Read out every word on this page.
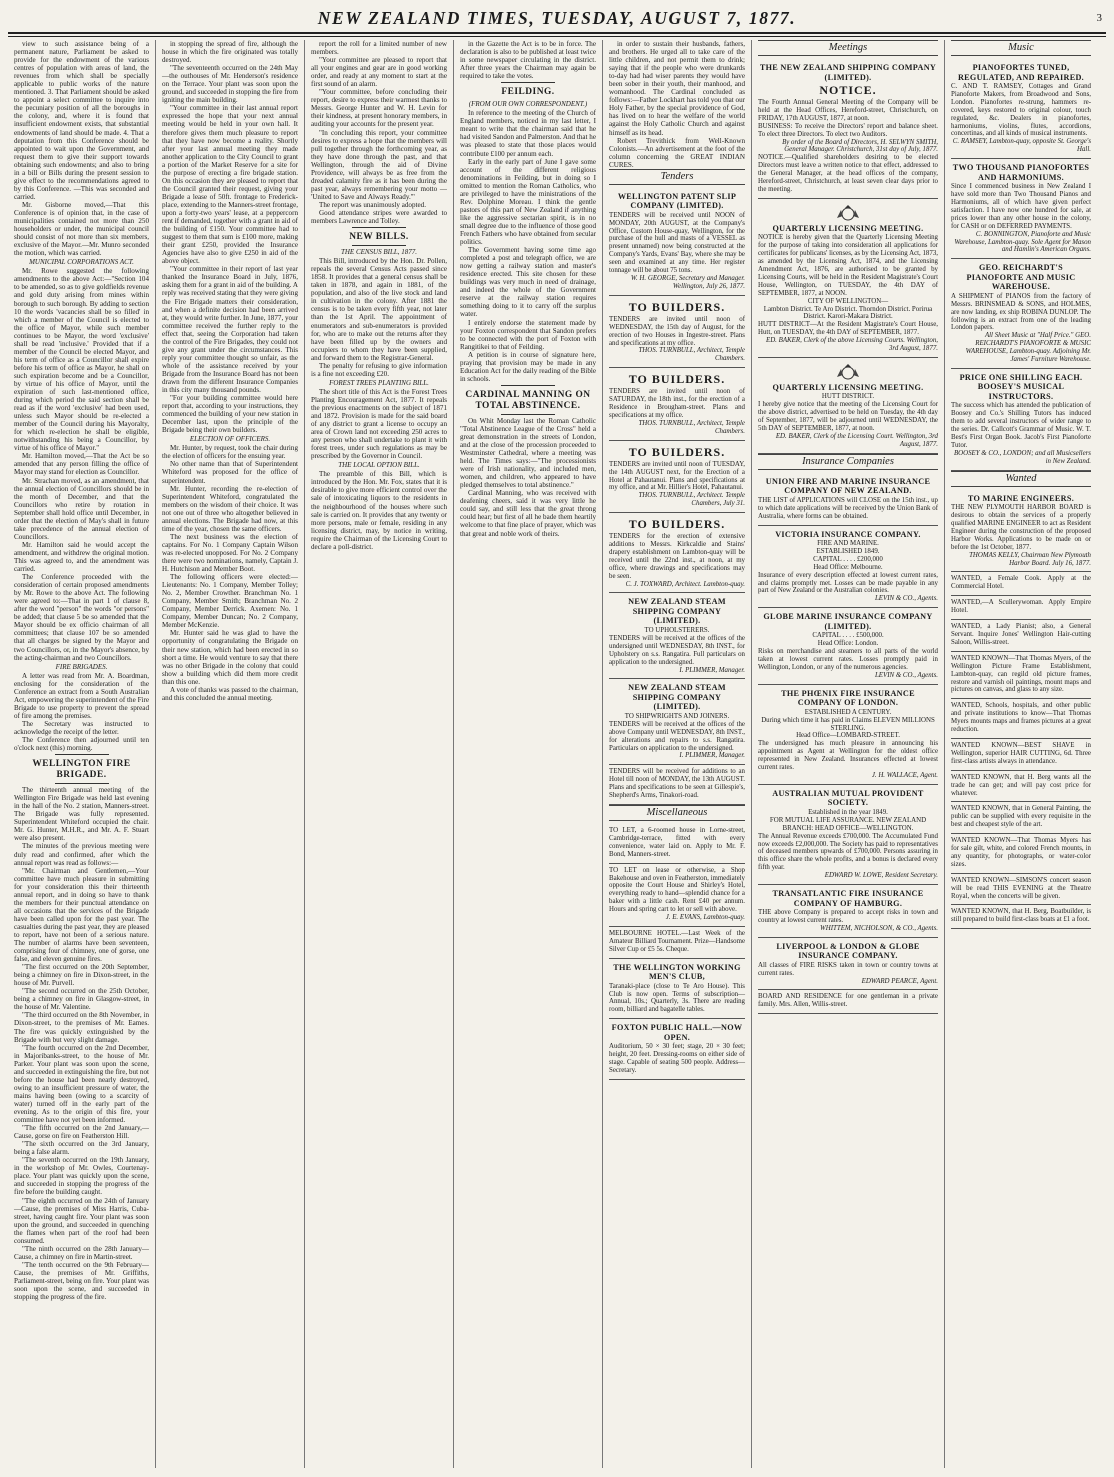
NEW ZEALAND TIMES, TUESDAY, AUGUST 7, 1877.	3

view to such assistance being of a permanent nature, Parliament be asked to provide for the endowment of the various centres of population with areas of land, the revenues from which shall be specially applicable to public works of the nature mentioned. 3. That Parliament should be asked to appoint a select committee to inquire into the pecuniary position of all the boroughs in the colony, and, where it is found that insufficient endowment exists, that substantial endowments of land should be made. 4. That a deputation from this Conference should be appointed to wait upon the Government, and request them to give their support towards obtaining such endowments; and also to bring in a bill or Bills during the present session to give effect to the recommendations agreed to by this Conference. —This was seconded and carried.

Mr. Gisborne moved,—That this Conference is of opinion that, in the case of municipalities contained not more than 250 householders or under, the municipal council should consist of not more than six members, exclusive of the Mayor.—Mr. Munro seconded the motion, which was carried.

MUNICIPAL CORPORATIONS ACT.

Mr. Rowe suggested the following amendments to the above Act:—"Section 104 to be amended, so as to give goldfields revenue and gold duty arising from mines within borough to such borough. By adding to section 10 the words 'vacancies shall be so filled' in which a member of the Council is elected to the office of Mayor, while such member continues to be Mayor, the word 'exclusive' shall be read 'inclusive.' Provided that if a member of the Council be elected Mayor, and his term of office as a Councillor shall expire before his term of office as Mayor, he shall on such expiration become and be a Councillor, by virtue of his office of Mayor, until the expiration of such last-mentioned office, during which period the said section shall be read as if the word 'exclusive' had been used, unless such Mayor should be re-elected a member of the Council during his Mayoralty, for which re-election he shall be eligible, notwithstanding his being a Councillor, by virtue of his office of Mayor."

Mr. Hamilton moved,—That the Act be so amended that any person filling the office of Mayor may stand for election as Councillor.

Mr. Strachan moved, as an amendment, that the annual election of Councillors should be in the month of December, and that the Councillors who retire by rotation in September shall hold office until December, in order that the election of May's shall in future take precedence of the annual election of Councillors.

Mr. Hamilton said he would accept the amendment, and withdrew the original motion. This was agreed to, and the amendment was carried.

The Conference proceeded with the consideration of certain proposed amendments by Mr. Rowe to the above Act. The following were agreed to:—That in part 1 of clause 8, after the word "person" the words "or persons" be added; that clause 5 be so amended that the Mayor should be ex officio chairman of all committees; that clause 107 be so amended that all charges be signed by the Mayor and two Councillors, or, in the Mayor's absence, by the acting-chairman and two Councillors.

FIRE BRIGADES.

A letter was read from Mr. A. Boardman, enclosing for the consideration of the Conference an extract from a South Australian Act, empowering the superintendent of the Fire Brigade to use property to prevent the spread of fire among the premises.

The Secretary was instructed to acknowledge the receipt of the letter.

The Conference then adjourned until ten o'clock next (this) morning.

WELLINGTON FIRE BRIGADE.

The thirteenth annual meeting of the Wellington Fire Brigade was held last evening in the hall of the No. 2 station, Manners-street. The Brigade was fully represented. Superintendent Whiteford occupied the chair. Mr. G. Hunter, M.H.R., and Mr. A. F. Stuart were also present.

The minutes of the previous meeting were duly read and confirmed, after which the annual report was read as follows:—

"Mr. Chairman and Gentlemen,—Your committee have much pleasure in submitting for your consideration this their thirteenth annual report, and in doing so have to thank the members for their punctual attendance on all occasions that the services of the Brigade have been called upon for the past year. The casualties during the past year, they are pleased to report, have not been of a serious nature. The number of alarms have been seventeen, comprising four of chimney, one of gorse, one false, and eleven genuine fires.

"The first occurred on the 20th September, being a chimney on fire in Dixon-street, in the house of Mr. Purvell.

"The second occurred on the 25th October, being a chimney on fire in Glasgow-street, in the house of Mr. Valentine.

"The third occurred on the 8th November, in Dixon-street, to the premises of Mr. Eames. The fire was quickly extinguished by the Brigade with but very slight damage.

"The fourth occurred on the 2nd December, in Majoribanks-street, to the house of Mr. Parker. Your plant was soon upon the scene, and succeeded in extinguishing the fire, but not before the house had been nearly destroyed, owing to an insufficient pressure of water, the mains having been (owing to a scarcity of water) turned off in the early part of the evening. As to the origin of this fire, your committee have not yet been informed.

"The fifth occurred on the 2nd January,—Cause, gorse on fire on Featherston Hill.

"The sixth occurred on the 3rd January, being a false alarm.

"The seventh occurred on the 19th January, in the workshop of Mr. Owles, Courtenay-place. Your plant was quickly upon the scene, and succeeded in stopping the progress of the fire before the building caught.

"The eighth occurred on the 24th of January—Cause, the premises of Miss Harris, Cuba-street, having caught fire. Your plant was soon upon the ground, and succeeded in quenching the flames when part of the roof had been consumed.

"The ninth occurred on the 28th January—Cause, a chimney on fire in Martin-street.

"The tenth occurred on the 9th February—Cause, the premises of Mr. Griffiths, Parliament-street, being on fire. Your plant was soon upon the scene, and succeeded in stopping the progress of the fire.

in stopping the spread of fire, although the house in which the fire originated was totally destroyed.

"The seventeenth occurred on the 24th May—the outhouses of Mr. Henderson's residence on the Terrace. Your plant was soon upon the ground, and succeeded in stopping the fire from igniting the main building.

"Your committee in their last annual report expressed the hope that your next annual meeting would be held in your own hall. It therefore gives them much pleasure to report that they have now become a reality. Shortly after your last annual meeting they made another application to the City Council to grant a portion of the Market Reserve for a site for the purpose of erecting a fire brigade station. On this occasion they are pleased to report that the Council granted their request, giving your Brigade a lease of 50ft. frontage to Frederick-place, extending to the Manners-street frontage, upon a forty-two years' lease, at a peppercorn rent if demanded, together with a grant in aid of the building of £150. Your committee had to suggest to them that sum is £100 more, making their grant £250, provided the Insurance Agencies have also to give £250 in aid of the above object.

"Your committee in their report of last year thanked the Insurance Board in July, 1876, asking them for a grant in aid of the building. A reply was received stating that they were giving the Fire Brigade matters their consideration, and when a definite decision had been arrived at, they would write further. In June, 1877, your committee received the further reply to the effect that, seeing the Corporation had taken the control of the Fire Brigades, they could not give any grant under the circumstances. This reply your committee thought so unfair, as the whole of the assistance received by your Brigade from the Insurance Board has not been drawn from the different Insurance Companies in this city many thousand pounds.

"For your building committee would here report that, according to your instructions, they commenced the building of your new station in December last, upon the principle of the Brigade being their own builders.

ELECTION OF OFFICERS.

Mr. Hunter, by request, took the chair during the election of officers for the ensuing year.

No other name than that of Superintendent Whiteford was proposed for the office of superintendent.

Mr. Hunter, recording the re-election of Superintendent Whiteford, congratulated the members on the wisdom of their choice. It was not one out of three who altogether believed in annual elections. The Brigade had now, at this time of the year, chosen the same officers.

The next business was the election of captains. For No. 1 Company Captain Wilson was re-elected unopposed. For No. 2 Company there were two nominations, namely, Captain J. H. Hutchison and Member Boot.

The following officers were elected:—Lieutenants: No. 1 Company, Member Tolley; No. 2, Member Crowther. Branchman No. 1 Company, Member Smith; Branchman No. 2 Company, Member Derrick. Axemen: No. 1 Company, Member Duncan; No. 2 Company, Member McKenzie.

Mr. Hunter said he was glad to have the opportunity of congratulating the Brigade on their new station, which had been erected in so short a time. He would venture to say that there was no other Brigade in the colony that could show a building which did them more credit than this one.

A vote of thanks was passed to the chairman, and this concluded the annual meeting.

report the roll for a limited number of new members.

"Your committee are pleased to report that all your engines and gear are in good working order, and ready at any moment to start at the first sound of an alarm.

"Your committee, before concluding their report, desire to express their warmest thanks to Messrs. George Hunter and W. H. Levin for their kindness, at present honorary members, in auditing your accounts for the present year.

"In concluding this report, your committee desires to express a hope that the members will pull together through the forthcoming year, as they have done through the past, and that Wellington, through the aid of Divine Providence, will always be as free from the dreaded calamity fire as it has been during the past year, always remembering your motto — 'United to Save and Always Ready.'"

The report was unanimously adopted.

Good attendance stripes were awarded to members Lawrence and Tolley.

NEW BILLS.
THE CENSUS BILL, 1877.

This Bill, introduced by the Hon. Dr. Pollen, repeals the several Census Acts passed since 1858. It provides that a general census shall be taken in 1878, and again in 1881, of the population, and also of the live stock and land in cultivation in the colony. After 1881 the census is to be taken every fifth year, not later than the 1st April. The appointment of enumerators and sub-enumerators is provided for, who are to make out the returns after they have been filled up by the owners and occupiers to whom they have been supplied, and forward them to the Registrar-General.

The penalty for refusing to give information is a fine not exceeding £20.

FOREST TREES PLANTING BILL.

The short title of this Act is the Forest Trees Planting Encouragement Act, 1877. It repeals the previous enactments on the subject of 1871 and 1872. Provision is made for the said board of any district to grant a license to occupy an area of Crown land not exceeding 250 acres to any person who shall undertake to plant it with forest trees, under such regulations as may be prescribed by the Governor in Council.

THE LOCAL OPTION BILL.

The preamble of this Bill, which is introduced by the Hon. Mr. Fox, states that it is desirable to give more efficient control over the sale of intoxicating liquors to the residents in the neighbourhood of the houses where such sale is carried on. It provides that any twenty or more persons, male or female, residing in any licensing district, may, by notice in writing, require the Chairman of the Licensing Court to declare a poll-district.

in the Gazette the Act is to be in force. The declaration is also to be published at least twice in some newspaper circulating in the district. After three years the Chairman may again be required to take the votes.

FEILDING.
(FROM OUR OWN CORRESPONDENT.)

In reference to the meeting of the Church of England members, noticed in my last letter, I meant to write that the chairman said that he had visited Sandon and Palmerston. And that he was pleased to state that those places would contribute £100 per annum each.

Early in the early part of June I gave some account of the different religious denominations in Feilding, but in doing so I omitted to mention the Roman Catholics, who are privileged to have the ministrations of the Rev. Dolphine Moreau. I think the gentle pastors of this part of New Zealand if anything like the aggressive sectarian spirit, is in no small degree due to the influence of those good French Fathers who have obtained from secular politics.

The Government having some time ago completed a post and telegraph office, we are now getting a railway station and master's residence erected. This site chosen for these buildings was very much in need of drainage, and indeed the whole of the Government reserve at the railway station requires something doing to it to carry off the surplus water.

I entirely endorse the statement made by your Foxton correspondent that Sandon prefers to be connected with the port of Foxton with Rangitikei to that of Feilding.

A petition is in course of signature here, praying that provision may be made in any Education Act for the daily reading of the Bible in schools.

CARDINAL MANNING ON TOTAL ABSTINENCE.

On Whit Monday last the Roman Catholic "Total Abstinence League of the Cross" held a great demonstration in the streets of London, and at the close of the procession proceeded to Westminster Cathedral, where a meeting was held. The Times says:—"The processionists were of Irish nationality, and included men, women, and children, who appeared to have pledged themselves to total abstinence."

Cardinal Manning, who was received with deafening cheers, said it was very little he could say, and still less that the great throng could hear; but first of all he bade them heartily welcome to that fine place of prayer, which was that great and noble work of theirs.

in order to sustain their husbands, fathers, and brothers. He urged all to take care of the little children, and not permit them to drink; saying that if the people who were drunkards to-day had had wiser parents they would have been sober in their youth, their manhood, and womanhood. The Cardinal concluded as follows:—Father Lockhart has told you that our Holy Father, by the special providence of God, has lived on to hear the welfare of the world against the Holy Catholic Church and against himself as its head.

Robert Trevithick from Well-Known Colonists.—An advertisement at the foot of the column concerning the GREAT INDIAN CURES.

Tenders
WELLINGTON PATENT SLIP COMPANY (LIMITED).

TENDERS will be received until NOON of MONDAY, 20th AUGUST, at the Company's Office, Custom House-quay, Wellington, for the purchase of the hull and masts of a VESSEL as present unnamed) now being constructed at the Company's Yards, Evans' Bay, where she may be seen and examined at any time. Her register tonnage will be about 75 tons.

W. H. GEORGE, Secretary and Manager. Wellington, July 26, 1877.

TO BUILDERS.

TENDERS are invited until noon of WEDNESDAY, the 15th day of August, for the erection of two Houses in Ingestre-street. Plans and specifications at my office.

THOS. TURNBULL, Architect, Temple Chambers.

TO BUILDERS.

TENDERS are invited until noon of SATURDAY, the 18th inst., for the erection of a Residence in Brougham-street. Plans and specifications at my office.

THOS. TURNBULL, Architect, Temple Chambers.

TO BUILDERS.

TENDERS are invited until noon of TUESDAY, the 14th AUGUST next, for the Erection of a Hotel at Pahautanui. Plans and specifications at my office, and at Mr. Hillier's Hotel, Pahautanui.

THOS. TURNBULL, Architect. Temple Chambers, July 31.

TO BUILDERS.

TENDERS for the erection of extensive additions to Messrs. Kirkcaldie and Stains' drapery establishment on Lambton-quay will be received until the 22nd inst., at noon, at my office, where drawings and specifications may be seen.

C. J. TOXWARD, Architect. Lambton-quay.

NEW ZEALAND STEAM SHIPPING COMPANY (LIMITED).
TO UPHOLSTERERS.

TENDERS will be received at the offices of the undersigned until WEDNESDAY, 8th INST., for Upholstery on s.s. Rangatira. Full particulars on application to the undersigned.

I. PLIMMER, Manager.

NEW ZEALAND STEAM SHIPPING COMPANY (LIMITED).
TO SHIPWRIGHTS AND JOINERS.

TENDERS will be received at the offices of the above Company until WEDNESDAY, 8th INST., for alterations and repairs to s.s. Rangatira. Particulars on application to the undersigned.

I. PLIMMER, Manager.

TENDERS will be received for additions to an Hotel till noon of MONDAY, the 13th AUGUST. Plans and specifications to be seen at Gillespie's, Shepherd's Arms, Tinakori-road.

Miscellaneous

TO LET, a 6-roomed house in Lorne-street, Cambridge-terrace, fitted with every convenience, water laid on. Apply to Mr. F. Bond, Manners-street.

TO LET on lease or otherwise, a Shop Bakehouse and oven in Featherston, immediately opposite the Court House and Shirley's Hotel, everything ready to hand—splendid chance for a baker with a little cash. Rent £40 per annum. Hours and spring cart to let or sell with above.

J. E. EVANS, Lambton-quay.

MELBOURNE HOTEL.—Last Week of the Amateur Billiard Tournament. Prize—Handsome Silver Cup or £5 5s. Cheque.

THE WELLINGTON WORKING MEN'S CLUB,

Taranaki-place (close to Te Aro House). This Club is now open. Terms of subscription—Annual, 10s.; Quarterly, 3s. There are reading room, billiard and bagatelle tables.

FOXTON PUBLIC HALL.—NOW OPEN.

Auditorium, 50 × 30 feet; stage, 20 × 30 feet; height, 20 feet. Dressing-rooms on either side of stage. Capable of seating 500 people. Address—Secretary.

Meetings
THE NEW ZEALAND SHIPPING COMPANY (LIMITED).
NOTICE.

The Fourth Annual General Meeting of the Company will be held at the Head Offices, Hereford-street, Christchurch, on FRIDAY, 17th AUGUST, 1877, at noon.

BUSINESS: To receive the Directors' report and balance sheet. To elect three Directors. To elect two Auditors.

By order of the Board of Directors, H. SELWYN SMITH, General Manager. Christchurch, 31st day of July, 1877.

NOTICE.—Qualified shareholders desiring to be elected Directors must leave a written notice to that effect, addressed to the General Manager, at the head offices of the company, Hereford-street, Christchurch, at least seven clear days prior to the meeting.

QUARTERLY LICENSING MEETING.

NOTICE is hereby given that the Quarterly Licensing Meeting for the purpose of taking into consideration all applications for certificates for publicans' licenses, as by the Licensing Act, 1873, as amended by the Licensing Act, 1874, and the Licensing Amendment Act, 1876, are authorised to be granted by Licensing Courts, will be held in the Resident Magistrate's Court House, Wellington, on TUESDAY, the 4th DAY of SEPTEMBER, 1877, at NOON.

CITY OF WELLINGTON—

Lambton District. Te Aro District. Thorndon District. Porirua District. Karori-Makara District.

HUTT DISTRICT—At the Resident Magistrate's Court House, Hutt, on TUESDAY, the 4th DAY of SEPTEMBER, 1877.

ED. BAKER, Clerk of the above Licensing Courts. Wellington, 3rd August, 1877.

QUARTERLY LICENSING MEETING.
HUTT DISTRICT.

I hereby give notice that the meeting of the Licensing Court for the above district, advertised to be held on Tuesday, the 4th day of September, 1877, will be adjourned until WEDNESDAY, the 5th DAY of SEPTEMBER, 1877, at noon.

ED. BAKER, Clerk of the Licensing Court. Wellington, 3rd August, 1877.

Insurance Companies
UNION FIRE AND MARINE INSURANCE COMPANY OF NEW ZEALAND.

THE LIST of APPLICATIONS will CLOSE on the 15th inst., up to which date applications will be received by the Union Bank of Australia, where forms can be obtained.

VICTORIA INSURANCE COMPANY.
FIRE AND MARINE.
ESTABLISHED 1849.
CAPITAL . . . . £200,000
Head Office: Melbourne.

Insurance of every description effected at lowest current rates, and claims promptly met. Losses can be made payable in any part of New Zealand or the Australian colonies.

LEVIN & CO., Agents.

GLOBE MARINE INSURANCE COMPANY (LIMITED).
CAPITAL . . . . £500,000.
Head Office: London.

Risks on merchandise and steamers to all parts of the world taken at lowest current rates. Losses promptly paid in Wellington, London, or any of the numerous agencies.

LEVIN & CO., Agents.

THE PHŒNIX FIRE INSURANCE COMPANY OF LONDON.
ESTABLISHED A CENTURY.
During which time it has paid in Claims ELEVEN MILLIONS STERLING.
Head Office—LOMBARD-STREET.

The undersigned has much pleasure in announcing his appointment as Agent at Wellington for the oldest office represented in New Zealand. Insurances effected at lowest current rates.

J. H. WALLACE, Agent.

AUSTRALIAN MUTUAL PROVIDENT SOCIETY.
Established in the year 1849.
FOR MUTUAL LIFE ASSURANCE. NEW ZEALAND BRANCH: HEAD OFFICE—WELLINGTON.

The Annual Revenue exceeds £700,000. The Accumulated Fund now exceeds £2,000,000. The Society has paid to representatives of deceased members upwards of £700,000. Persons assuring in this office share the whole profits, and a bonus is declared every fifth year.

EDWARD W. LOWE, Resident Secretary.

TRANSATLANTIC FIRE INSURANCE COMPANY OF HAMBURG.

THE above Company is prepared to accept risks in town and country at lowest current rates.

WHITTEM, NICHOLSON, & CO., Agents.

LIVERPOOL & LONDON & GLOBE INSURANCE COMPANY.

All classes of FIRE RISKS taken in town or country towns at current rates.

EDWARD PEARCE, Agent.

BOARD AND RESIDENCE for one gentleman in a private family. Mrs. Allen, Willis-street.

Music
PIANOFORTES TUNED, REGULATED, AND REPAIRED.

C. AND T. RAMSEY, Cottages and Grand Pianoforte Makers, from Broadwood and Sons, London. Pianofortes re-strung, hammers re-covered, keys restored to original colour, touch regulated, &c. Dealers in pianofortes, harmoniums, violins, flutes, accordions, concertinas, and all kinds of musical instruments.

C. RAMSEY, Lambton-quay, opposite St. George's Hall.

TWO THOUSAND PIANOFORTES AND HARMONIUMS.

Since I commenced business in New Zealand I have sold more than Two Thousand Pianos and Harmoniums, all of which have given perfect satisfaction. I have now one hundred for sale, at prices lower than any other house in the colony, for CASH or on DEFERRED PAYMENTS.

C. BONNINGTON, Pianoforte and Music Warehouse, Lambton-quay. Sole Agent for Mason and Hamlin's American Organs.

GEO. REICHARDT'S PIANOFORTE AND MUSIC WAREHOUSE.

A SHIPMENT of PIANOS from the factory of Messrs. BRINSMEAD & SONS, and HOLMES, are now landing, ex ship ROBINA DUNLOP. The following is an extract from one of the leading London papers.

All Sheet Music at "Half Price." GEO. REICHARDT'S PIANOFORTE & MUSIC WAREHOUSE, Lambton-quay. Adjoining Mr. James' Furniture Warehouse.

PRICE ONE SHILLING EACH. BOOSEY'S MUSICAL INSTRUCTORS.

The success which has attended the publication of Boosey and Co.'s Shilling Tutors has induced them to add several instructors of wider range to the series. Dr. Callcott's Grammar of Music. W. T. Best's First Organ Book. Jacob's First Pianoforte Tutor.

BOOSEY & CO., LONDON; and all Musicsellers in New Zealand.

Wanted
TO MARINE ENGINEERS.

THE NEW PLYMOUTH HARBOR BOARD is desirous to obtain the services of a properly qualified MARINE ENGINEER to act as Resident Engineer during the construction of the proposed Harbor Works. Applications to be made on or before the 1st October, 1877.

THOMAS KELLY, Chairman New Plymouth Harbor Board. July 16, 1877.

WANTED, a Female Cook. Apply at the Commercial Hotel.

WANTED,—A Scullerywoman. Apply Empire Hotel.

WANTED, a Lady Pianist; also, a General Servant. Inquire Jones' Wellington Hair-cutting Saloon, Willis-street.

WANTED KNOWN—That Thomas Myers, of the Wellington Picture Frame Establishment, Lambton-quay, can regild old picture frames, restore and varnish oil paintings, mount maps and pictures on canvas, and glass to any size.

WANTED, Schools, hospitals, and other public and private institutions to know—That Thomas Myers mounts maps and frames pictures at a great reduction.

WANTED KNOWN—BEST SHAVE in Wellington, superior HAIR CUTTING, 6d. Three first-class artists always in attendance.

WANTED KNOWN, that H. Berg wants all the trade he can get; and will pay cost price for whatever.

WANTED KNOWN, that in General Painting, the public can be supplied with every requisite in the best and cheapest style of the art.

WANTED KNOWN—That Thomas Myers has for sale gilt, white, and colored French mounts, in any quantity, for photographs, or water-color sizes.

WANTED KNOWN—SIMSON'S concert season will be read THIS EVENING at the Theatre Royal, when the concerts will be given.

WANTED KNOWN, that H. Berg, Boatbuilder, is still prepared to build first-class boats at £1 a foot.
